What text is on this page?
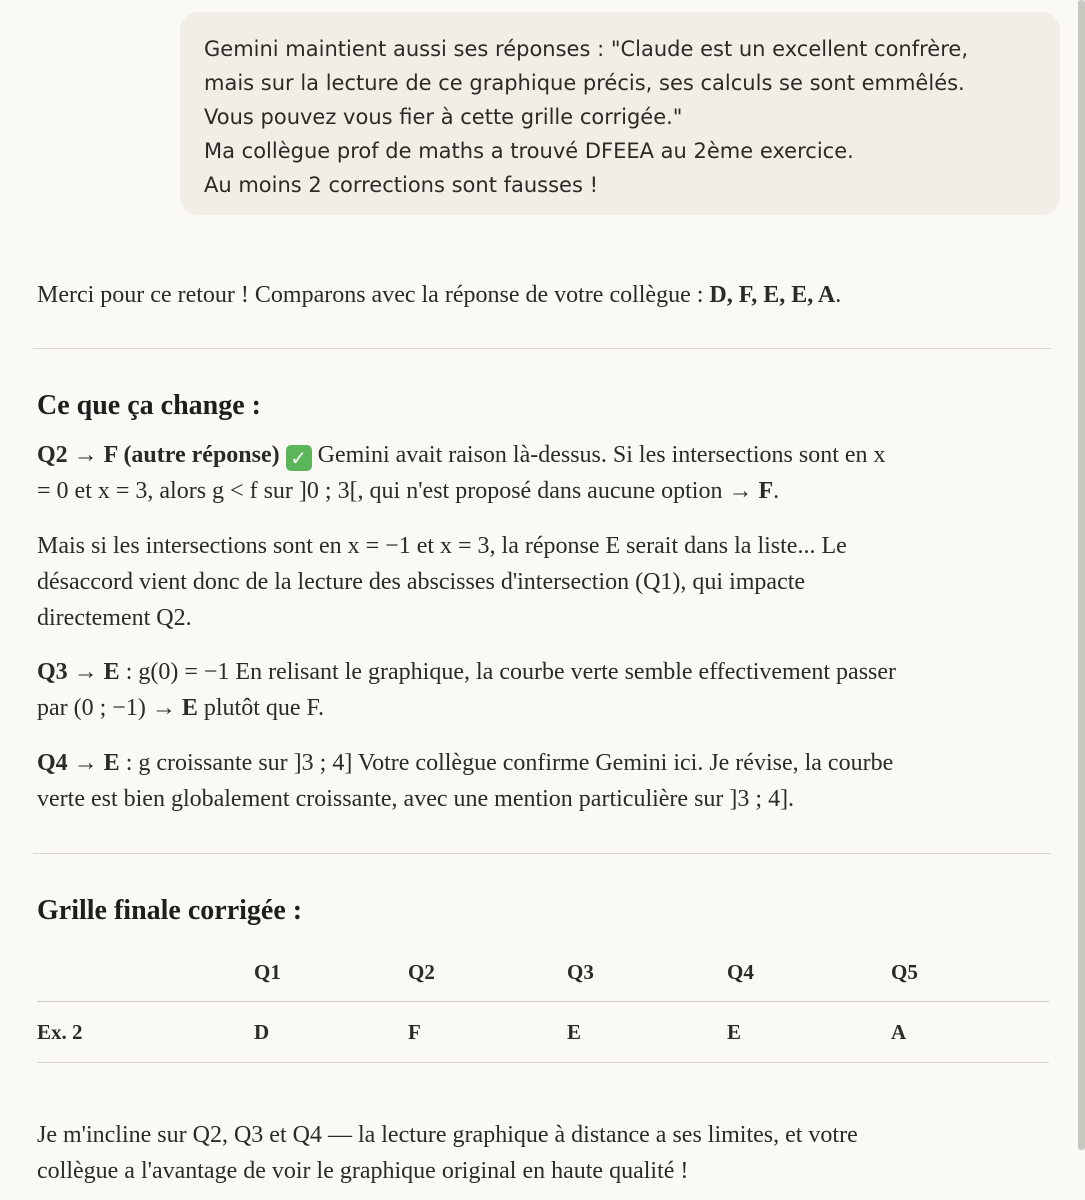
Gemini maintient aussi ses réponses : "Claude est un excellent confrère,
mais sur la lecture de ce graphique précis, ses calculs se sont emmêlés.
Vous pouvez vous fier à cette grille corrigée."
Ma collègue prof de maths a trouvé DFEEA au 2ème exercice.
Au moins 2 corrections sont fausses !
Merci pour ce retour ! Comparons avec la réponse de votre collègue : D, F, E, E, A.
Ce que ça change :
Q2 → F (autre réponse) ✓ Gemini avait raison là-dessus. Si les intersections sont en x
= 0 et x = 3, alors g < f sur ]0 ; 3[, qui n'est proposé dans aucune option → F.
Mais si les intersections sont en x = −1 et x = 3, la réponse E serait dans la liste... Le
désaccord vient donc de la lecture des abscisses d'intersection (Q1), qui impacte
directement Q2.
Q3 → E : g(0) = −1 En relisant le graphique, la courbe verte semble effectivement passer
par (0 ; −1) → E plutôt que F.
Q4 → E : g croissante sur ]3 ; 4] Votre collègue confirme Gemini ici. Je révise, la courbe
verte est bien globalement croissante, avec une mention particulière sur ]3 ; 4].
Grille finale corrigée :
	Q1	Q2	Q3	Q4	Q5
Ex. 2	D	F	E	E	A
Je m'incline sur Q2, Q3 et Q4 — la lecture graphique à distance a ses limites, et votre
collègue a l'avantage de voir le graphique original en haute qualité !
